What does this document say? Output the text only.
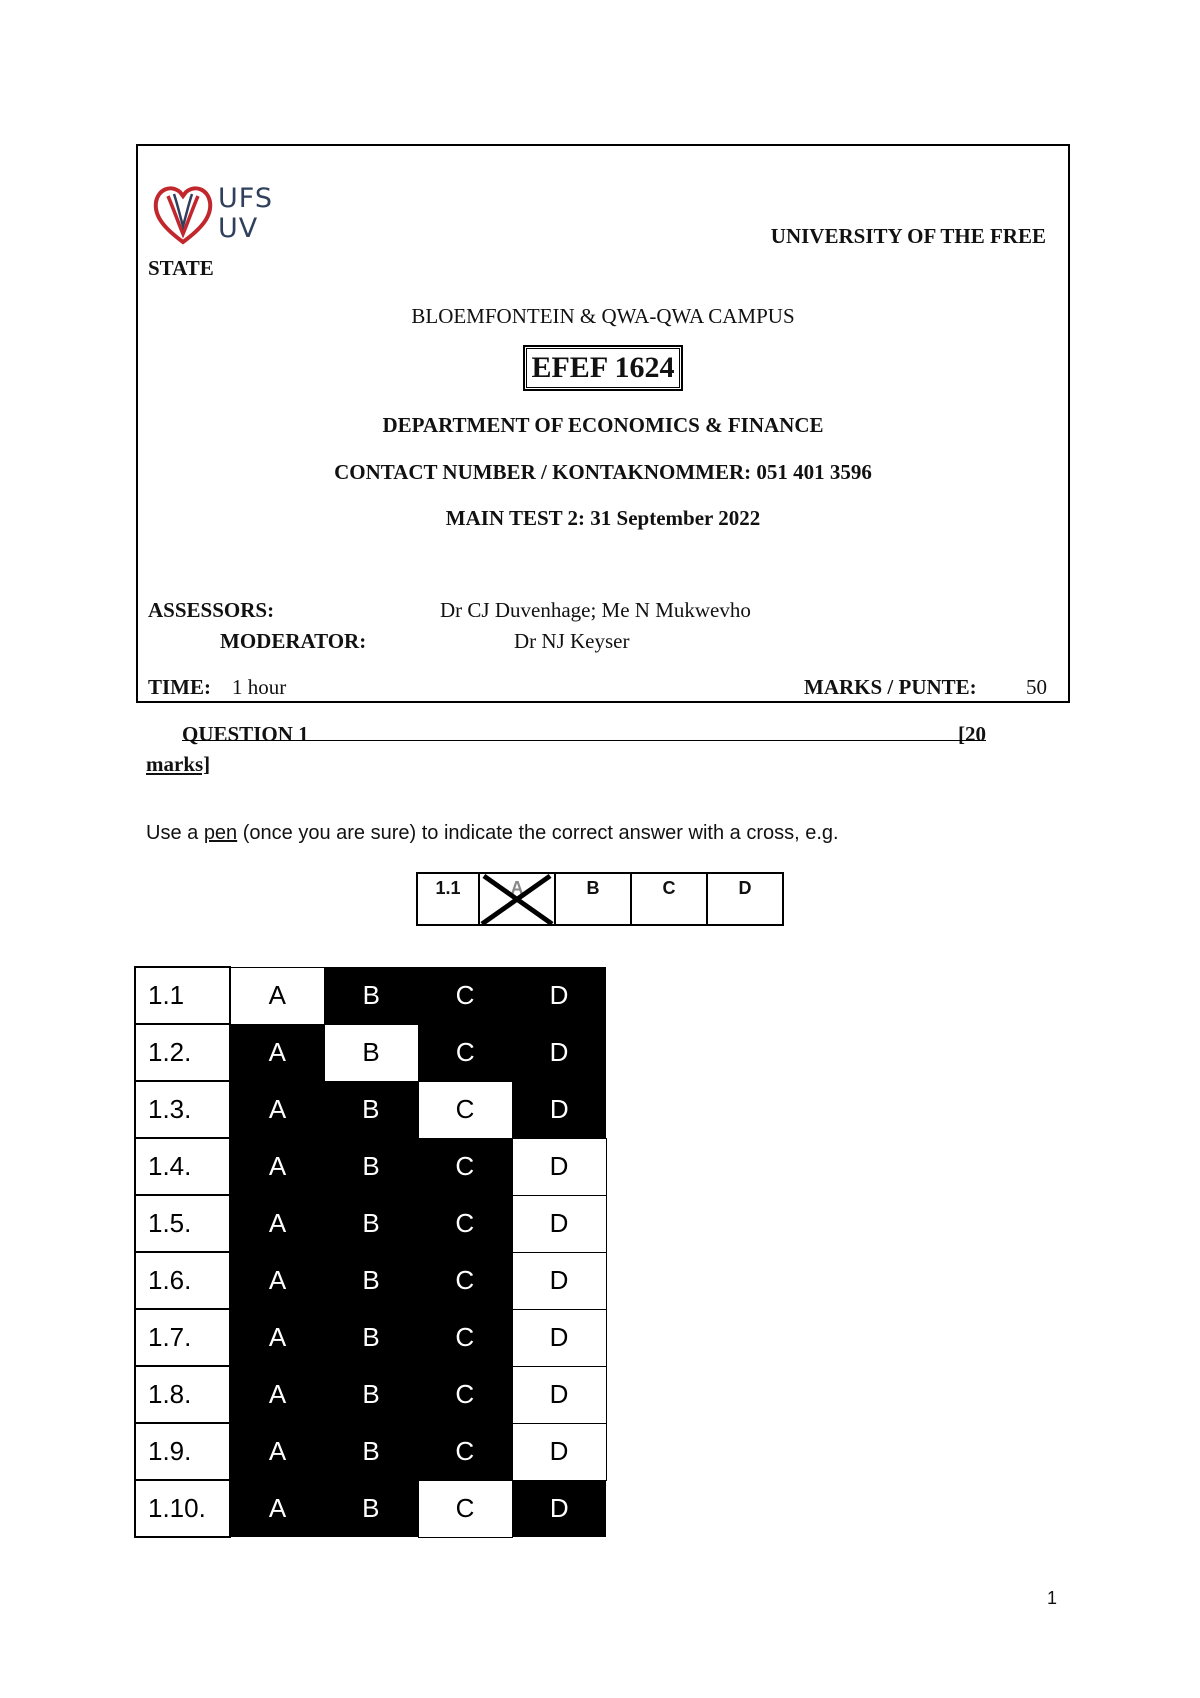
UFS
UV	UNIVERSITY OF THE FREE
STATE
BLOEMFONTEIN & QWA-QWA CAMPUS
EFEF 1624
DEPARTMENT OF ECONOMICS & FINANCE
CONTACT NUMBER / KONTAKNOMMER: 051 401 3596
MAIN TEST 2: 31 September 2022
ASSESSORS:	Dr CJ Duvenhage; Me N Mukwevho
MODERATOR:	Dr NJ Keyser
TIME: 1 hour	MARKS / PUNTE: 50
QUESTION 1	[20
marks]
Use a pen (once you are sure) to indicate the correct answer with a cross, e.g.
1.1	A	B	C	D
1.1	A	B	C	D
1.2.	A	B	C	D
1.3.	A	B	C	D
1.4.	A	B	C	D
1.5.	A	B	C	D
1.6.	A	B	C	D
1.7.	A	B	C	D
1.8.	A	B	C	D
1.9.	A	B	C	D
1.10.	A	B	C	D
1
